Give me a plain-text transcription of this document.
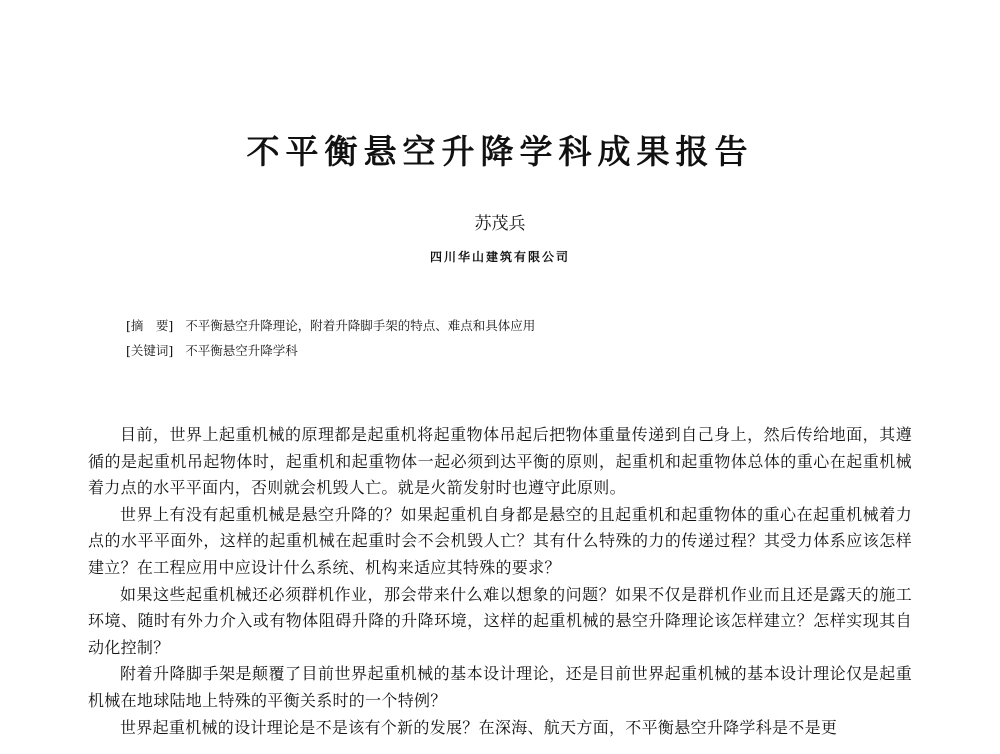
不平衡悬空升降学科成果报告
苏茂兵
四川华山建筑有限公司
[摘　要] 不平衡悬空升降理论，附着升降脚手架的特点、难点和具体应用
[关键词] 不平衡悬空升降学科

目前，世界上起重机械的原理都是起重机将起重物体吊起后把物体重量传递到自己身上，然后传给地面，其遵循的是起重机吊起物体时，起重机和起重物体一起必须到达平衡的原则，起重机和起重物体总体的重心在起重机械着力点的水平平面内，否则就会机毁人亡。就是火箭发射时也遵守此原则。

世界上有没有起重机械是悬空升降的？如果起重机自身都是悬空的且起重机和起重物体的重心在起重机械着力点的水平平面外，这样的起重机械在起重时会不会机毁人亡？其有什么特殊的力的传递过程？其受力体系应该怎样建立？在工程应用中应设计什么系统、机构来适应其特殊的要求？

如果这些起重机械还必须群机作业，那会带来什么难以想象的问题？如果不仅是群机作业而且还是露天的施工环境、随时有外力介入或有物体阻碍升降的升降环境，这样的起重机械的悬空升降理论该怎样建立？怎样实现其自动化控制？

附着升降脚手架是颠覆了目前世界起重机械的基本设计理论，还是目前世界起重机械的基本设计理论仅是起重机械在地球陆地上特殊的平衡关系时的一个特例？

世界起重机械的设计理论是不是该有个新的发展？在深海、航天方面，不平衡悬空升降学科是不是更
